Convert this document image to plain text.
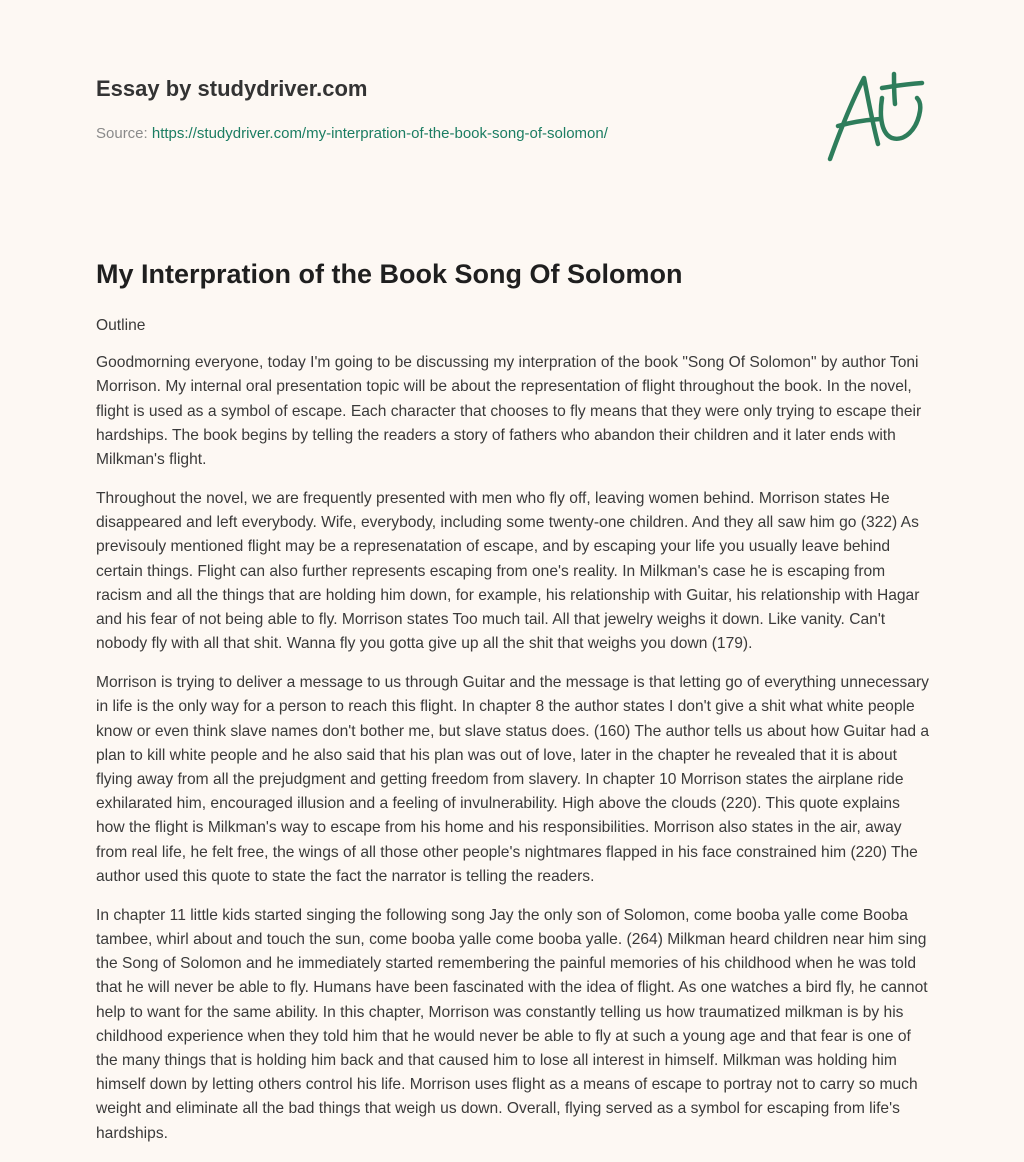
Essay by studydriver.com
Source: https://studydriver.com/my-interpration-of-the-book-song-of-solomon/
My Interpration of the Book Song Of Solomon

Outline

Goodmorning everyone, today I'm going to be discussing my interpration of the book "Song Of Solomon" by author Toni Morrison. My internal oral presentation topic will be about the representation of flight throughout the book. In the novel, flight is used as a symbol of escape. Each character that chooses to fly means that they were only trying to escape their hardships. The book begins by telling the readers a story of fathers who abandon their children and it later ends with Milkman's flight.

Throughout the novel, we are frequently presented with men who fly off, leaving women behind. Morrison states He disappeared and left everybody. Wife, everybody, including some twenty-one children. And they all saw him go (322) As previsouly mentioned flight may be a represenatation of escape, and by escaping your life you usually leave behind certain things. Flight can also further represents escaping from one's reality. In Milkman's case he is escaping from racism and all the things that are holding him down, for example, his relationship with Guitar, his relationship with Hagar and his fear of not being able to fly. Morrison states Too much tail. All that jewelry weighs it down. Like vanity. Can't nobody fly with all that shit. Wanna fly you gotta give up all the shit that weighs you down (179).

Morrison is trying to deliver a message to us through Guitar and the message is that letting go of everything unnecessary in life is the only way for a person to reach this flight. In chapter 8 the author states I don't give a shit what white people know or even think slave names don't bother me, but slave status does. (160) The author tells us about how Guitar had a plan to kill white people and he also said that his plan was out of love, later in the chapter he revealed that it is about flying away from all the prejudgment and getting freedom from slavery. In chapter 10 Morrison states the airplane ride exhilarated him, encouraged illusion and a feeling of invulnerability. High above the clouds (220). This quote explains how the flight is Milkman's way to escape from his home and his responsibilities. Morrison also states in the air, away from real life, he felt free, the wings of all those other people's nightmares flapped in his face constrained him (220) The author used this quote to state the fact the narrator is telling the readers.

In chapter 11 little kids started singing the following song Jay the only son of Solomon, come booba yalle come Booba tambee, whirl about and touch the sun, come booba yalle come booba yalle. (264) Milkman heard children near him sing the Song of Solomon and he immediately started remembering the painful memories of his childhood when he was told that he will never be able to fly. Humans have been fascinated with the idea of flight. As one watches a bird fly, he cannot help to want for the same ability. In this chapter, Morrison was constantly telling us how traumatized milkman is by his childhood experience when they told him that he would never be able to fly at such a young age and that fear is one of the many things that is holding him back and that caused him to lose all interest in himself. Milkman was holding him himself down by letting others control his life. Morrison uses flight as a means of escape to portray not to carry so much weight and eliminate all the bad things that weigh us down. Overall, flying served as a symbol for escaping from life's hardships.
